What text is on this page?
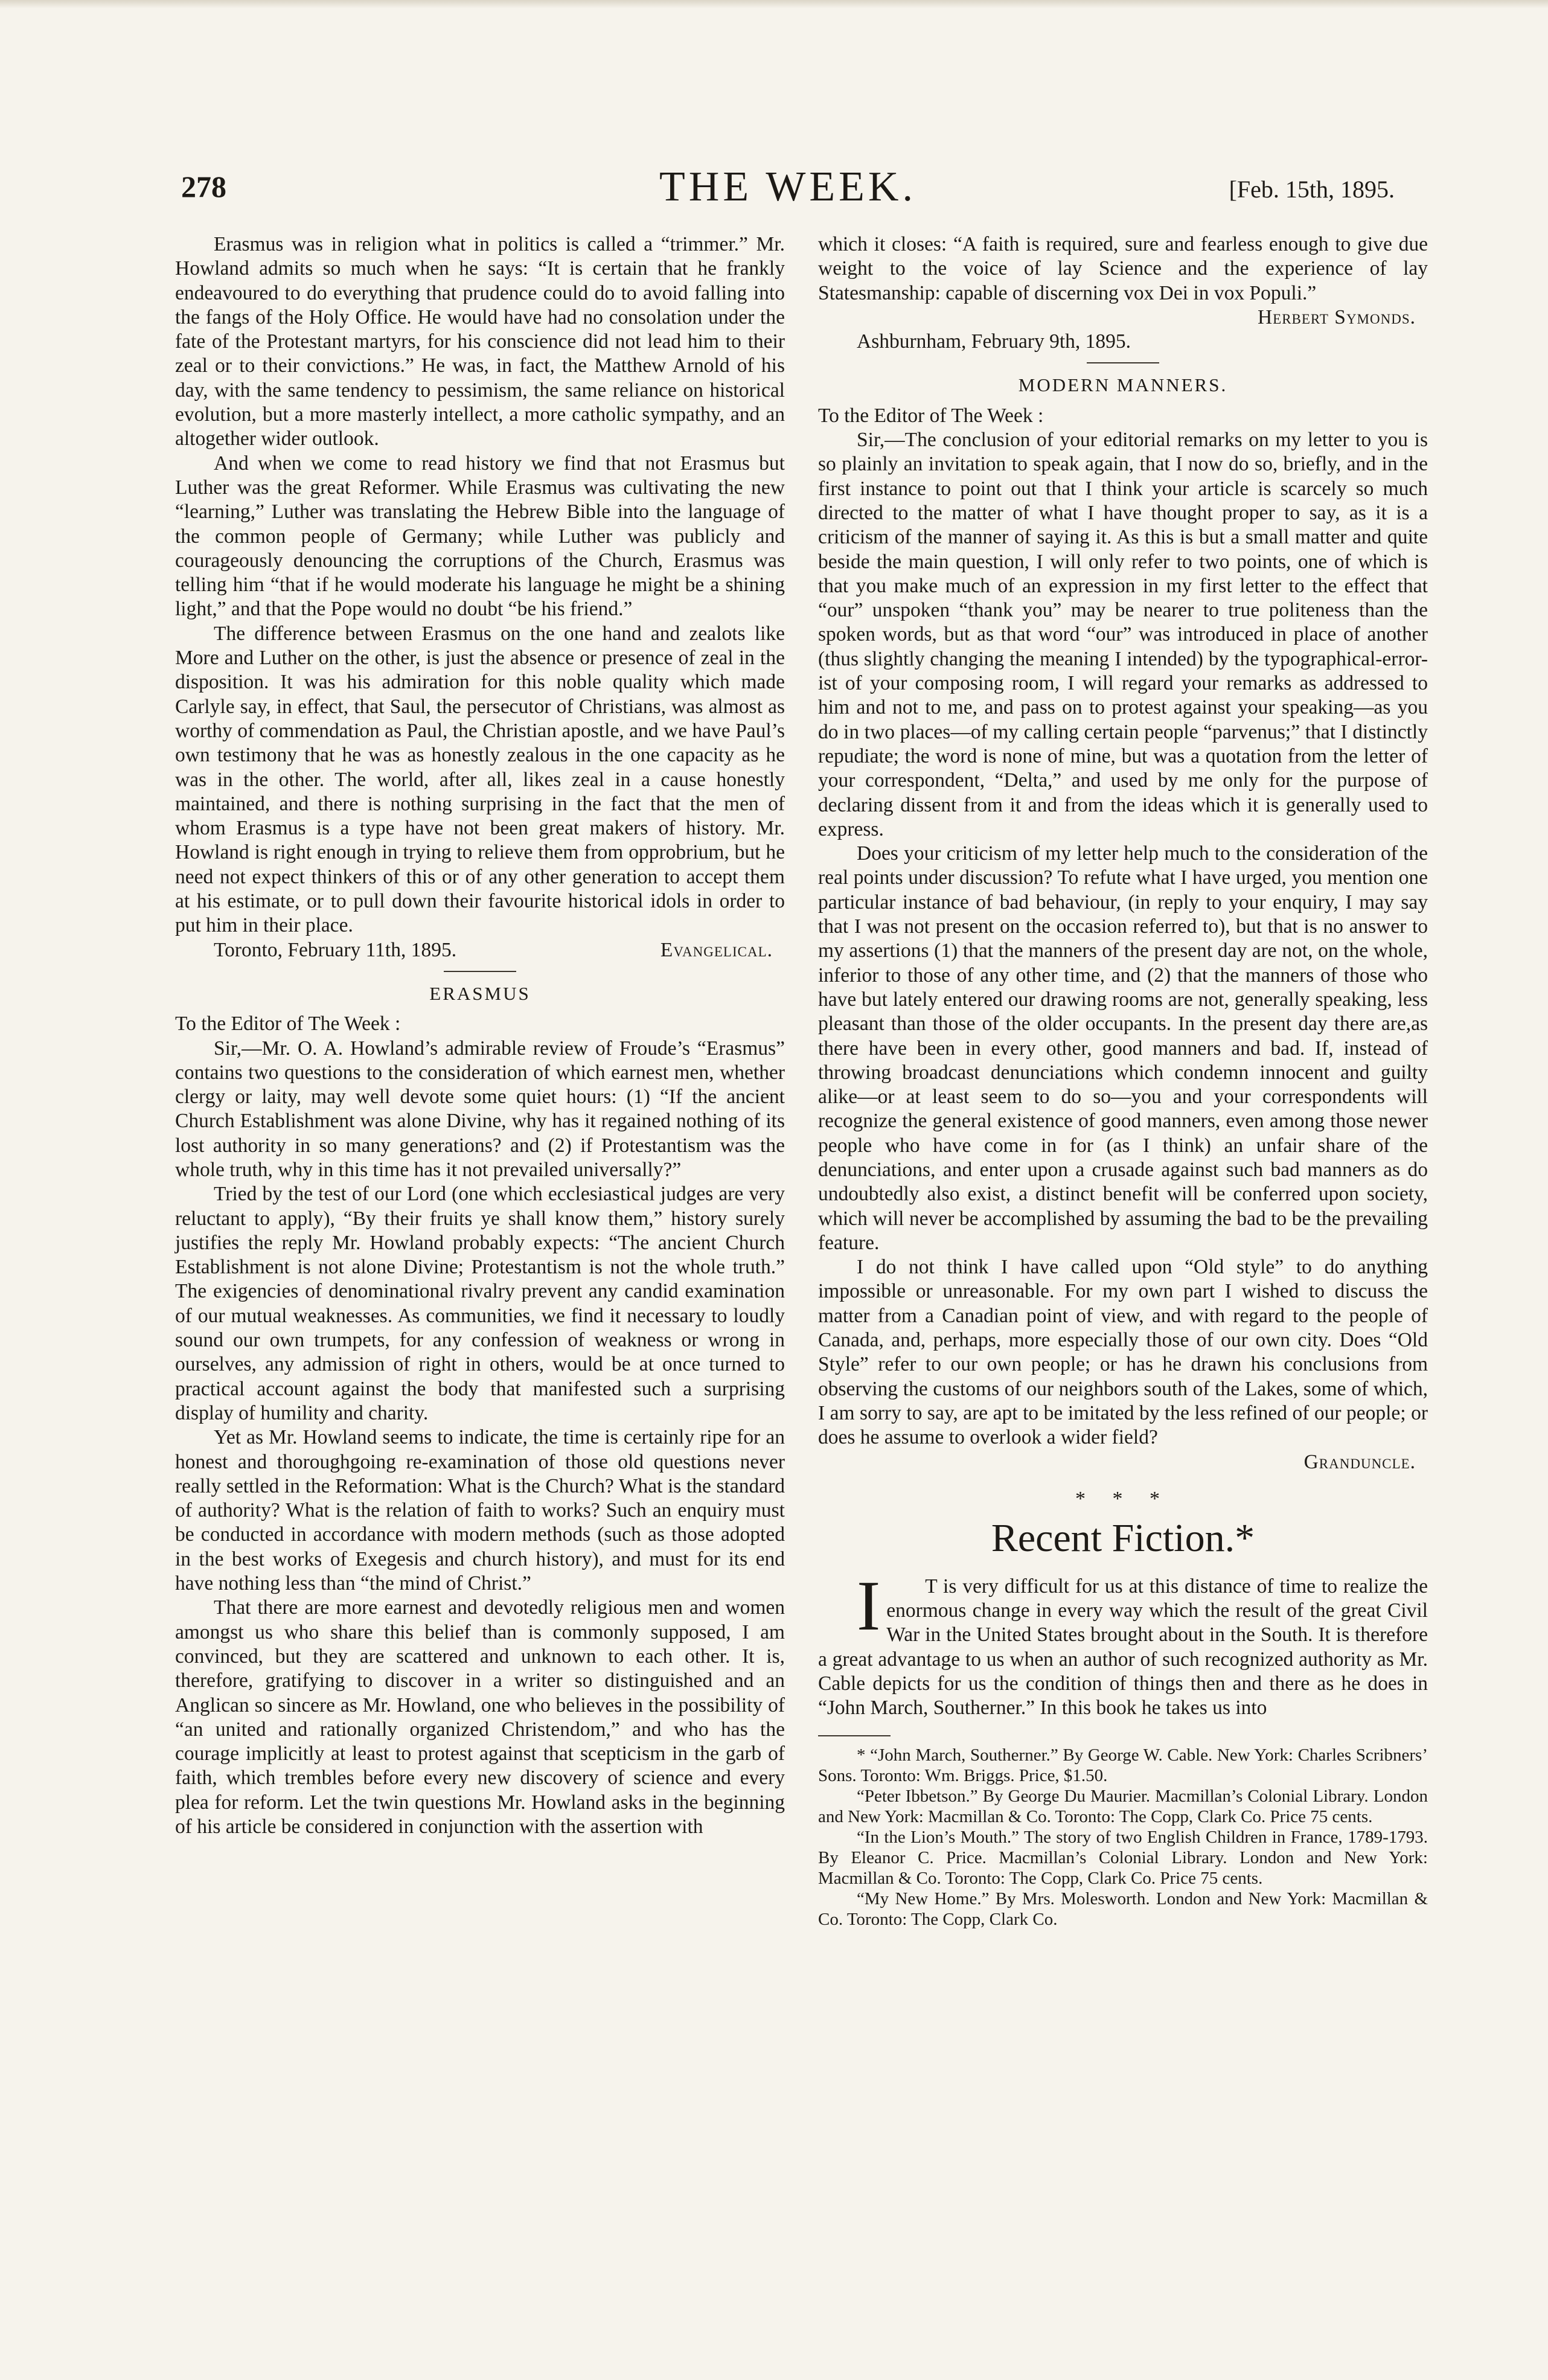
278	THE WEEK.	[Feb. 15th, 1895.

Erasmus was in religion what in politics is called a “trimmer.” Mr. Howland admits so much when he says: “It is certain that he frankly endeavoured to do everything that prudence could do to avoid falling into the fangs of the Holy Office. He would have had no consolation under the fate of the Protestant martyrs, for his conscience did not lead him to their zeal or to their convictions.” He was, in fact, the Matthew Arnold of his day, with the same tendency to pessimism, the same reliance on historical evolution, but a more masterly intellect, a more catholic sympathy, and an altogether wider outlook.

And when we come to read history we find that not Erasmus but Luther was the great Reformer. While Erasmus was cultivating the new “learning,” Luther was translating the Hebrew Bible into the language of the common people of Germany; while Luther was publicly and courageously denouncing the corruptions of the Church, Erasmus was telling him “that if he would moderate his language he might be a shining light,” and that the Pope would no doubt “be his friend.”

The difference between Erasmus on the one hand and zealots like More and Luther on the other, is just the absence or presence of zeal in the disposition. It was his admiration for this noble quality which made Carlyle say, in effect, that Saul, the persecutor of Christians, was almost as worthy of commendation as Paul, the Christian apostle, and we have Paul’s own testimony that he was as honestly zealous in the one capacity as he was in the other. The world, after all, likes zeal in a cause honestly maintained, and there is nothing surprising in the fact that the men of whom Erasmus is a type have not been great makers of history. Mr. Howland is right enough in trying to relieve them from opprobrium, but he need not expect thinkers of this or of any other generation to accept them at his estimate, or to pull down their favourite historical idols in order to put him in their place.

Toronto, February 11th, 1895.	Evangelical.
ERASMUS

To the Editor of The Week :

Sir,—Mr. O. A. Howland’s admirable review of Froude’s “Erasmus” contains two questions to the consideration of which earnest men, whether clergy or laity, may well devote some quiet hours: (1) “If the ancient Church Establishment was alone Divine, why has it regained nothing of its lost authority in so many generations? and (2) if Protestantism was the whole truth, why in this time has it not prevailed universally?”

Tried by the test of our Lord (one which ecclesiastical judges are very reluctant to apply), “By their fruits ye shall know them,” history surely justifies the reply Mr. Howland probably expects: “The ancient Church Establishment is not alone Divine; Protestantism is not the whole truth.” The exigencies of denominational rivalry prevent any candid examination of our mutual weaknesses. As communities, we find it necessary to loudly sound our own trumpets, for any confession of weakness or wrong in ourselves, any admission of right in others, would be at once turned to practical account against the body that manifested such a surprising display of humility and charity.

Yet as Mr. Howland seems to indicate, the time is certainly ripe for an honest and thoroughgoing re-examination of those old questions never really settled in the Reformation: What is the Church? What is the standard of authority? What is the relation of faith to works? Such an enquiry must be conducted in accordance with modern methods (such as those adopted in the best works of Exegesis and church history), and must for its end have nothing less than “the mind of Christ.”

That there are more earnest and devotedly religious men and women amongst us who share this belief than is commonly supposed, I am convinced, but they are scattered and unknown to each other. It is, therefore, gratifying to discover in a writer so distinguished and an Anglican so sincere as Mr. Howland, one who believes in the possibility of “an united and rationally organized Christendom,” and who has the courage implicitly at least to protest against that scepticism in the garb of faith, which trembles before every new discovery of science and every plea for reform. Let the twin questions Mr. Howland asks in the beginning of his article be considered in conjunction with the assertion with

which it closes: “A faith is required, sure and fearless enough to give due weight to the voice of lay Science and the experience of lay Statesmanship: capable of discerning vox Dei in vox Populi.”

Herbert Symonds.

Ashburnham, February 9th, 1895.

MODERN MANNERS.

To the Editor of The Week :

Sir,—The conclusion of your editorial remarks on my letter to you is so plainly an invitation to speak again, that I now do so, briefly, and in the first instance to point out that I think your article is scarcely so much directed to the matter of what I have thought proper to say, as it is a criticism of the manner of saying it. As this is but a small matter and quite beside the main question, I will only refer to two points, one of which is that you make much of an expression in my first letter to the effect that “our” unspoken “thank you” may be nearer to true politeness than the spoken words, but as that word “our” was introduced in place of another (thus slightly changing the meaning I intended) by the typographical-error-ist of your composing room, I will regard your remarks as addressed to him and not to me, and pass on to protest against your speaking—as you do in two places—of my calling certain people “parvenus;” that I distinctly repudiate; the word is none of mine, but was a quotation from the letter of your correspondent, “Delta,” and used by me only for the purpose of declaring dissent from it and from the ideas which it is generally used to express.

Does your criticism of my letter help much to the consideration of the real points under discussion? To refute what I have urged, you mention one particular instance of bad behaviour, (in reply to your enquiry, I may say that I was not present on the occasion referred to), but that is no answer to my assertions (1) that the manners of the present day are not, on the whole, inferior to those of any other time, and (2) that the manners of those who have but lately entered our drawing rooms are not, generally speaking, less pleasant than those of the older occupants. In the present day there are,as there have been in every other, good manners and bad. If, instead of throwing broadcast denunciations which condemn innocent and guilty alike—or at least seem to do so—you and your correspondents will recognize the general existence of good manners, even among those newer people who have come in for (as I think) an unfair share of the denunciations, and enter upon a crusade against such bad manners as do undoubtedly also exist, a distinct benefit will be conferred upon society, which will never be accomplished by assuming the bad to be the prevailing feature.

I do not think I have called upon “Old style” to do anything impossible or unreasonable. For my own part I wished to discuss the matter from a Canadian point of view, and with regard to the people of Canada, and, perhaps, more especially those of our own city. Does “Old Style” refer to our own people; or has he drawn his conclusions from observing the customs of our neighbors south of the Lakes, some of which, I am sorry to say, are apt to be imitated by the less refined of our people; or does he assume to overlook a wider field?

Granduncle.

* * *
Recent Fiction.*

I T is very difficult for us at this distance of time to realize the enormous change in every way which the result of the great Civil War in the United States brought about in the South. It is therefore a great advantage to us when an author of such recognized authority as Mr. Cable depicts for us the condition of things then and there as he does in “John March, Southerner.” In this book he takes us into

* “John March, Southerner.” By George W. Cable. New York: Charles Scribners’ Sons. Toronto: Wm. Briggs. Price, $1.50.

“Peter Ibbetson.” By George Du Maurier. Macmillan’s Colonial Library. London and New York: Macmillan & Co. Toronto: The Copp, Clark Co. Price 75 cents.

“In the Lion’s Mouth.” The story of two English Children in France, 1789-1793. By Eleanor C. Price. Macmillan’s Colonial Library. London and New York: Macmillan & Co. Toronto: The Copp, Clark Co. Price 75 cents.

“My New Home.” By Mrs. Molesworth. London and New York: Macmillan & Co. Toronto: The Copp, Clark Co.
